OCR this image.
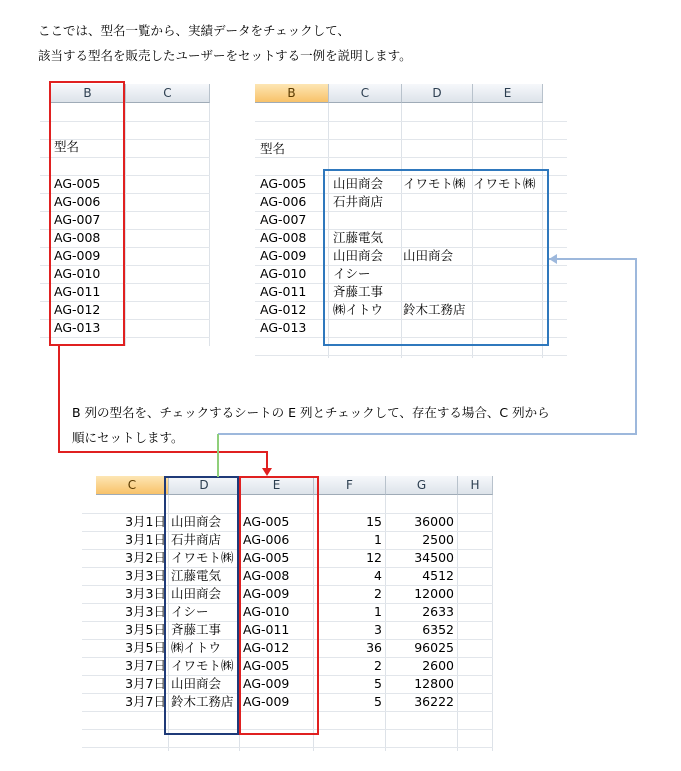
ここでは、型名一覧から、実績データをチェックして、
該当する型名を販売したユーザーをセットする一例を説明します。

B	C
型名
AG-005
AG-006
AG-007
AG-008
AG-009
AG-010
AG-011
AG-012
AG-013
B	C	D	E
型名
AG-005 山田商会 イワモト㈱ イワモト㈱
AG-006 石井商店
AG-007
AG-008 江藤電気
AG-009 山田商会 山田商会
AG-010 イシー
AG-011 斉藤工事
AG-012 ㈱イトウ 鈴木工務店
AG-013

B 列の型名を、チェックするシートの E 列とチェックして、存在する場合、C 列から
順にセットします。

C	D	E	F	G	H
3月1日 山田商会	AG-005	15	36000
3月1日 石井商店	AG-006	1	2500
3月2日 イワモト㈱ AG-005	12	34500
3月3日 江藤電気	AG-008	4	4512
3月3日 山田商会	AG-009	2	12000
3月3日 イシー	AG-010	1	2633
3月5日 斉藤工事	AG-011	3	6352
3月5日 ㈱イトウ	AG-012	36	96025
3月7日 イワモト㈱ AG-005	2	2600
3月7日 山田商会	AG-009	5	12800
3月7日 鈴木工務店 AG-009	5	36222
